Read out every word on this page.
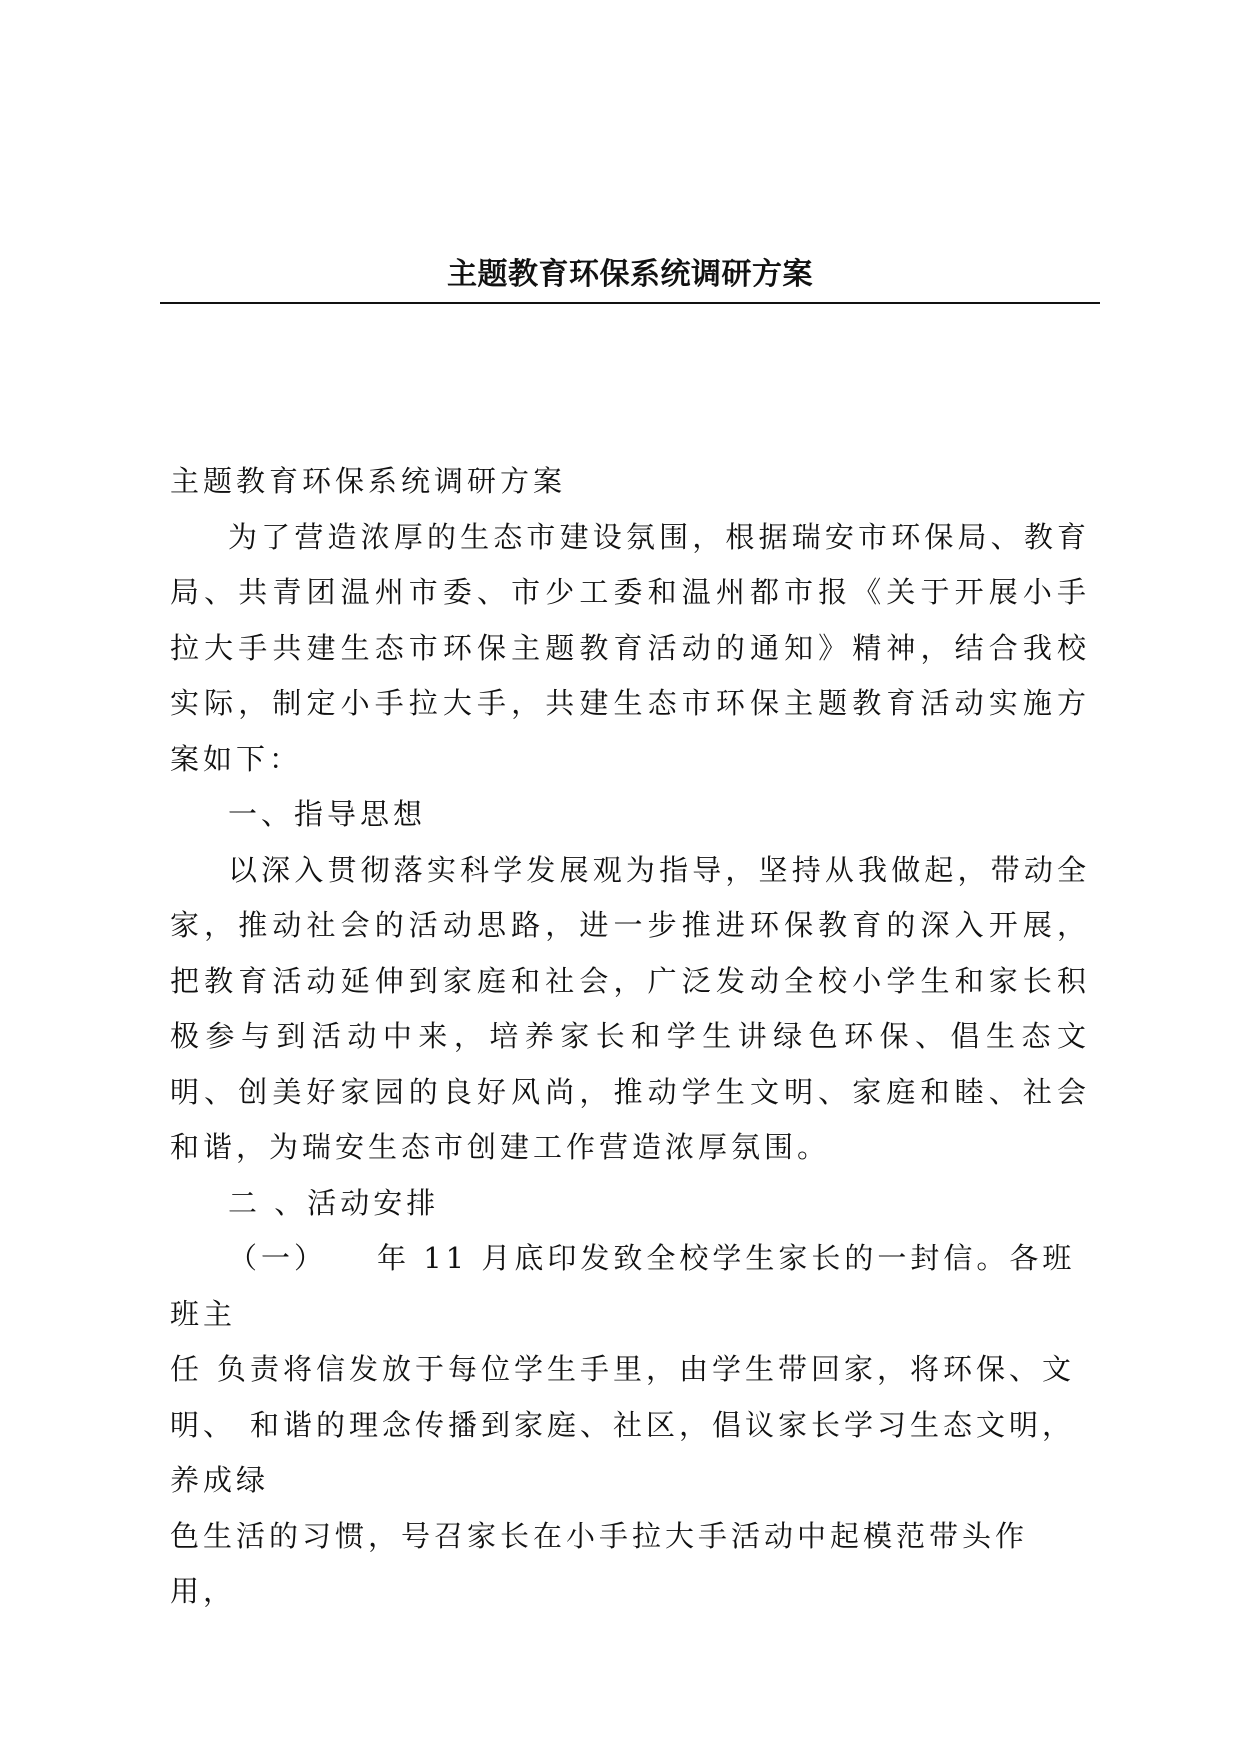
主题教育环保系统调研方案

主题教育环保系统调研方案

为了营造浓厚的生态市建设氛围，根据瑞安市环保局、教育局、共青团温州市委、市少工委和温州都市报《关于开展小手拉大手共建生态市环保主题教育活动的通知》精神，结合我校实际，制定小手拉大手，共建生态市环保主题教育活动实施方案如下：

一、指导思想

以深入贯彻落实科学发展观为指导，坚持从我做起，带动全家，推动社会的活动思路，进一步推进环保教育的深入开展，把教育活动延伸到家庭和社会，广泛发动全校小学生和家长积极参与到活动中来，培养家长和学生讲绿色环保、倡生态文明、创美好家园的良好风尚，推动学生文明、家庭和睦、社会和谐，为瑞安生态市创建工作营造浓厚氛围。

二 、活动安排

（一） 年 11 月底印发致全校学生家长的一封信。各班班主

任 负责将信发放于每位学生手里，由学生带回家，将环保、文

明、 和谐的理念传播到家庭、社区，倡议家长学习生态文明，

养成绿

色生活的习惯，号召家长在小手拉大手活动中起模范带头作用，
